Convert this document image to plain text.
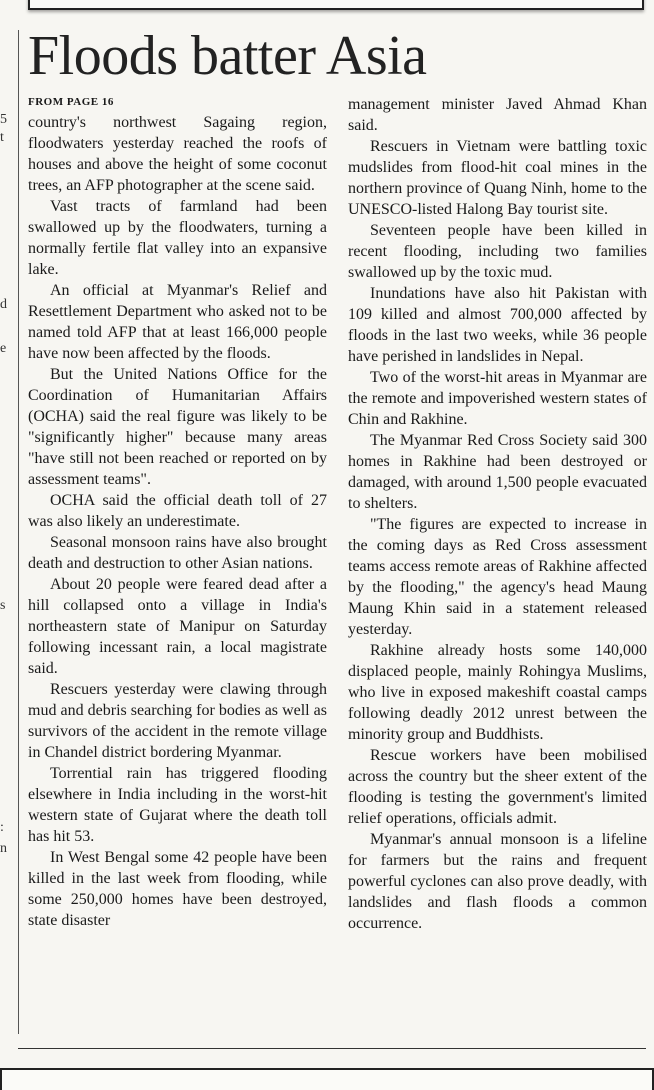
5
t
d
e
s
:
n
Floods batter Asia
FROM PAGE 16

country's northwest Sagaing region, floodwaters yesterday reached the roofs of houses and above the height of some coconut trees, an AFP photographer at the scene said.

Vast tracts of farmland had been swallowed up by the floodwaters, turning a normally fertile flat valley into an expansive lake.

An official at Myanmar's Relief and Resettlement Department who asked not to be named told AFP that at least 166,000 people have now been affected by the floods.

But the United Nations Office for the Coordination of Humanitarian Affairs (OCHA) said the real figure was likely to be "significantly higher" because many areas "have still not been reached or reported on by assessment teams".

OCHA said the official death toll of 27 was also likely an underestimate.

Seasonal monsoon rains have also brought death and destruction to other Asian nations.

About 20 people were feared dead after a hill collapsed onto a village in India's northeastern state of Manipur on Saturday following incessant rain, a local magistrate said.

Rescuers yesterday were clawing through mud and debris searching for bodies as well as survivors of the accident in the remote village in Chandel district bordering Myanmar.

Torrential rain has triggered flooding elsewhere in India including in the worst-hit western state of Gujarat where the death toll has hit 53.

In West Bengal some 42 people have been killed in the last week from flooding, while some 250,000 homes have been destroyed, state disaster

management minister Javed Ahmad Khan said.

Rescuers in Vietnam were battling toxic mudslides from flood-hit coal mines in the northern province of Quang Ninh, home to the UNESCO-listed Halong Bay tourist site.

Seventeen people have been killed in recent flooding, including two families swallowed up by the toxic mud.

Inundations have also hit Pakistan with 109 killed and almost 700,000 affected by floods in the last two weeks, while 36 people have perished in landslides in Nepal.

Two of the worst-hit areas in Myanmar are the remote and impoverished western states of Chin and Rakhine.

The Myanmar Red Cross Society said 300 homes in Rakhine had been destroyed or damaged, with around 1,500 people evacuated to shelters.

"The figures are expected to increase in the coming days as Red Cross assessment teams access remote areas of Rakhine affected by the flooding," the agency's head Maung Maung Khin said in a statement released yesterday.

Rakhine already hosts some 140,000 displaced people, mainly Rohingya Muslims, who live in exposed makeshift coastal camps following deadly 2012 unrest between the minority group and Buddhists.

Rescue workers have been mobilised across the country but the sheer extent of the flooding is testing the government's limited relief operations, officials admit.

Myanmar's annual monsoon is a lifeline for farmers but the rains and frequent powerful cyclones can also prove deadly, with landslides and flash floods a common occurrence.
